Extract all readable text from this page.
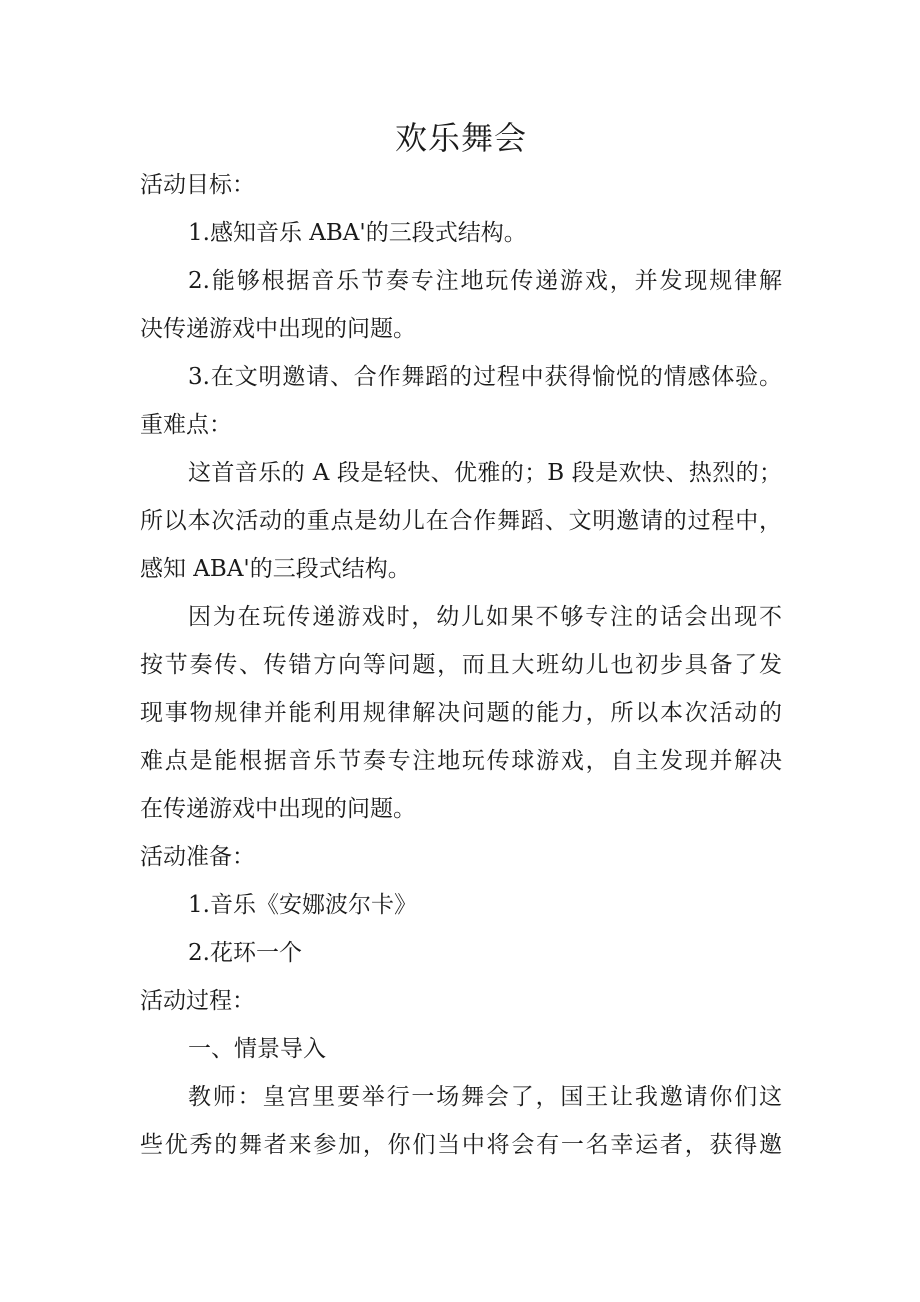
欢乐舞会
活动目标：
1.感知音乐 ABA'的三段式结构。
2.能够根据音乐节奏专注地玩传递游戏，并发现规律解
决传递游戏中出现的问题。
3.在文明邀请、合作舞蹈的过程中获得愉悦的情感体验。
重难点：
这首音乐的 A 段是轻快、优雅的；B 段是欢快、热烈的；
所以本次活动的重点是幼儿在合作舞蹈、文明邀请的过程中，
感知 ABA'的三段式结构。
因为在玩传递游戏时，幼儿如果不够专注的话会出现不
按节奏传、传错方向等问题，而且大班幼儿也初步具备了发
现事物规律并能利用规律解决问题的能力，所以本次活动的
难点是能根据音乐节奏专注地玩传球游戏，自主发现并解决
在传递游戏中出现的问题。
活动准备：
1.音乐《安娜波尔卡》
2.花环一个
活动过程：
一、情景导入
教师：皇宫里要举行一场舞会了，国王让我邀请你们这
些优秀的舞者来参加，你们当中将会有一名幸运者，获得邀
